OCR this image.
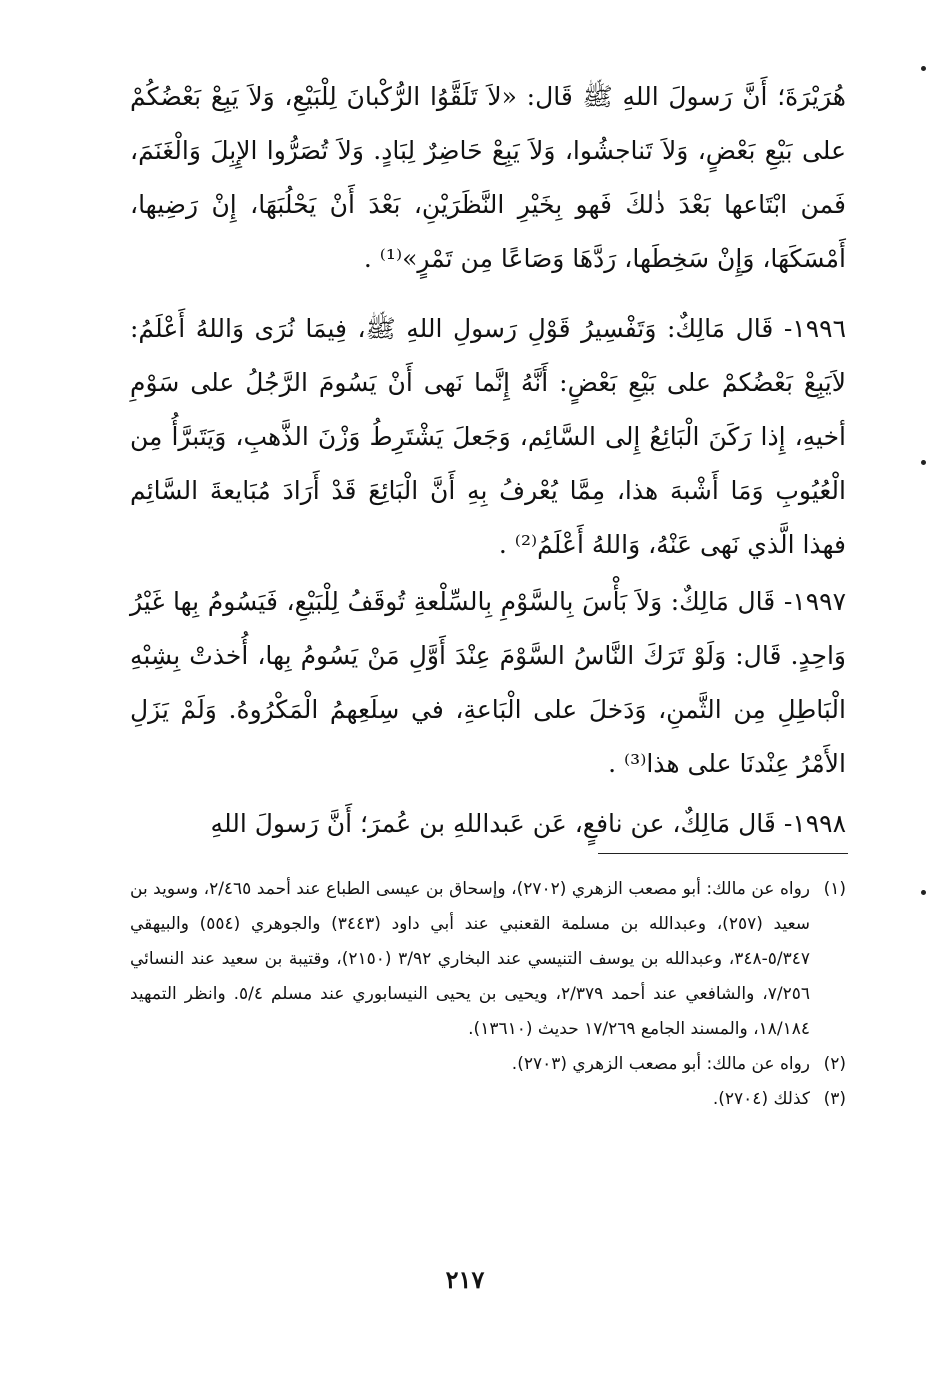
هُرَيْرَةَ؛ أَنَّ رَسولَ اللهِ ﷺ قَال: «لاَ تَلَقَّوُا الرُّكْبانَ لِلْبَيْعِ، وَلاَ يَبِعْ بَعْضُكُمْ على بَيْعِ بَعْضٍ، وَلاَ تَناجشُوا، وَلاَ يَبِعْ حَاضِرٌ لِبَادٍ. وَلاَ تُصَرُّوا الإِبِلَ وَالْغَنَمَ، فَمن ابْتَاعها بَعْدَ ذٰلكَ فَهو بِخَيْرِ النَّظَرَيْنِ، بَعْدَ أَنْ يَحْلُبَهَا، إِنْ رَضِيها، أَمْسَكَهَا، وَإِنْ سَخِطَها، رَدَّهَا وَصَاعًا مِن تَمْرٍ»⁽¹⁾ .

١٩٩٦- قَال مَالِكٌ: وَتَفْسِيرُ قَوْلِ رَسولِ اللهِ ﷺ، فِيمَا نُرَى وَاللهُ أَعْلَمُ: لاَيَبِعْ بَعْضُكمْ على بَيْعِ بَعْضٍ: أَنَّهُ إِنَّما نَهى أَنْ يَسُومَ الرَّجُلُ على سَوْمِ أخيهِ، إِذا رَكَنَ الْبَائِعُ إِلى السَّائِم، وَجَعلَ يَشْتَرِطُ وَزْنَ الذَّهبِ، وَيَتَبرَّأُ مِن الْعُيُوبِ وَمَا أَشْبهَ هذا، مِمَّا يُعْرفُ بِهِ أَنَّ الْبَائِعَ قَدْ أَرَادَ مُبَايعةَ السَّائِم فهذا الَّذي نَهى عَنْهُ، وَاللهُ أَعْلَمُ⁽²⁾ .

١٩٩٧- قَال مَالِكٌ: وَلاَ بَأْسَ بِالسَّوْمِ بِالسِّلْعةِ تُوقَفُ لِلْبَيْعِ، فَيَسُومُ بِها غَيْرُ وَاحِدٍ. قَال: وَلَوْ تَرَكَ النَّاسُ السَّوْمَ عِنْدَ أَوَّلِ مَنْ يَسُومُ بِها، أُخذتْ بِشِبْهِ الْبَاطِلِ مِن الثَّمنِ، وَدَخلَ على الْبَاعةِ، في سِلَعِهمُ الْمَكْرُوهُ. وَلَمْ يَزَلِ الأَمْرُ عِنْدنَا على هذا⁽³⁾ .

١٩٩٨- قَال مَالِكٌ، عن نافعٍ، عَن عَبداللهِ بن عُمرَ؛ أَنَّ رَسولَ اللهِ

(١)
رواه عن مالك: أبو مصعب الزهري (٢٧٠٢)، وإسحاق بن عيسى الطباع عند أحمد ٢/٤٦٥، وسويد بن سعيد (٢٥٧)، وعبدالله بن مسلمة القعنبي عند أبي داود (٣٤٤٣) والجوهري (٥٥٤) والبيهقي ٥/٣٤٧-٣٤٨، وعبدالله بن يوسف التنيسي عند البخاري ٣/٩٢ (٢١٥٠)، وقتيبة بن سعيد عند النسائي ٧/٢٥٦، والشافعي عند أحمد ٢/٣٧٩، ويحيى بن يحيى النيسابوري عند مسلم ٥/٤. وانظر التمهيد ١٨/١٨٤، والمسند الجامع ١٧/٢٦٩ حديث (١٣٦١٠).
(٢)
رواه عن مالك: أبو مصعب الزهري (٢٧٠٣).
(٣)
كذلك (٢٧٠٤).
٢١٧
